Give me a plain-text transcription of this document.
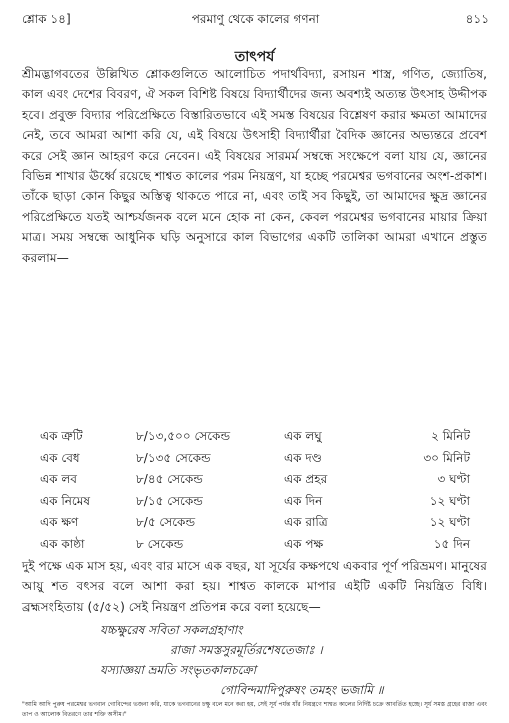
শ্লোক ১৪]	পরমাণু থেকে কালের গণনা	৪১১
তাৎপর্য

শ্রীমদ্ভাগবতের উল্লিখিত শ্লোকগুলিতে আলোচিত পদার্থবিদ্যা, রসায়ন শাস্ত্র, গণিত, জ্যোতিষ, কাল এবং দেশের বিবরণ, ঐ সকল বিশিষ্ট বিষয়ে বিদ্যার্থীদের জন্য অবশ্যই অত্যন্ত উৎসাহ উদ্দীপক হবে। প্রবুক্ত বিদ্যার পরিপ্রেক্ষিতে বিস্তারিতভাবে এই সমস্ত বিষয়ের বিশ্লেষণ করার ক্ষমতা আমাদের নেই, তবে আমরা আশা করি যে, এই বিষয়ে উৎসাহী বিদ্যার্থীরা বৈদিক জ্ঞানের অভ্যন্তরে প্রবেশ করে সেই জ্ঞান আহরণ করে নেবেন। এই বিষয়ের সারমর্ম সম্বন্ধে সংক্ষেপে বলা যায় যে, জ্ঞানের বিভিন্ন শাখার ঊর্ধ্বে রয়েছে শাশ্বত কালের পরম নিয়ন্ত্রণ, যা হচ্ছে পরমেশ্বর ভগবানের অংশ-প্রকাশ। তাঁকে ছাড়া কোন কিছুর অস্তিত্ব থাকতে পারে না, এবং তাই সব কিছুই, তা আমাদের ক্ষুদ্র জ্ঞানের পরিপ্রেক্ষিতে যতই আশ্চর্যজনক বলে মনে হোক না কেন, কেবল পরমেশ্বর ভগবানের মায়ার ক্রিয়া মাত্র। সময় সম্বন্ধে আধুনিক ঘড়ি অনুসারে কাল বিভাগের একটি তালিকা আমরা এখানে প্রস্তুত করলাম—

এক ত্রুটি	৮/১৩,৫০০ সেকেন্ড	এক লঘু	২ মিনিট
এক বেধ	৮/১৩৫ সেকেন্ড	এক দণ্ড	৩০ মিনিট
এক লব	৮/৪৫ সেকেন্ড	এক প্রহর	৩ ঘণ্টা
এক নিমেষ	৮/১৫ সেকেন্ড	এক দিন	১২ ঘণ্টা
এক ক্ষণ	৮/৫ সেকেন্ড	এক রাত্রি	১২ ঘণ্টা
এক কাষ্ঠা	৮ সেকেন্ড	এক পক্ষ	১৫ দিন

দুই পক্ষে এক মাস হয়, এবং বার মাসে এক বছর, যা সূর্যের কক্ষপথে একবার পূর্ণ পরিভ্রমণ। মানুষের আয়ু শত বৎসর বলে আশা করা হয়। শাশ্বত কালকে মাপার এইটি একটি নিয়ন্ত্রিত বিধি। ব্রহ্মসংহিতায় (৫/৫২) সেই নিয়ন্ত্রণ প্রতিপন্ন করে বলা হয়েছে—

যচ্চক্ষুরেষ সবিতা সকলগ্রহাণাং
রাজা সমস্তসুরমূর্তিরশেষতেজাঃ ।
যস্যাজ্ঞয়া ভ্রমতি সংভৃতকালচক্রো
গোবিন্দমাদিপুরুষং তমহং ভজামি ॥

"আমি আদি পুরুষ পরমেশ্বর ভগবান গোবিন্দের ভজনা করি, যাকে ভগবানের চক্ষু বলে মনে করা হয়, সেই সূর্য পর্যন্ত যাঁর নিয়ন্ত্রণে শাশ্বত কালের নির্দিষ্ট চক্রে আবর্তিত হচ্ছে। সূর্য সমস্ত গ্রহের রাজা এবং তাপ ও আলোক বিতরণে তার শক্তি অসীম।"
